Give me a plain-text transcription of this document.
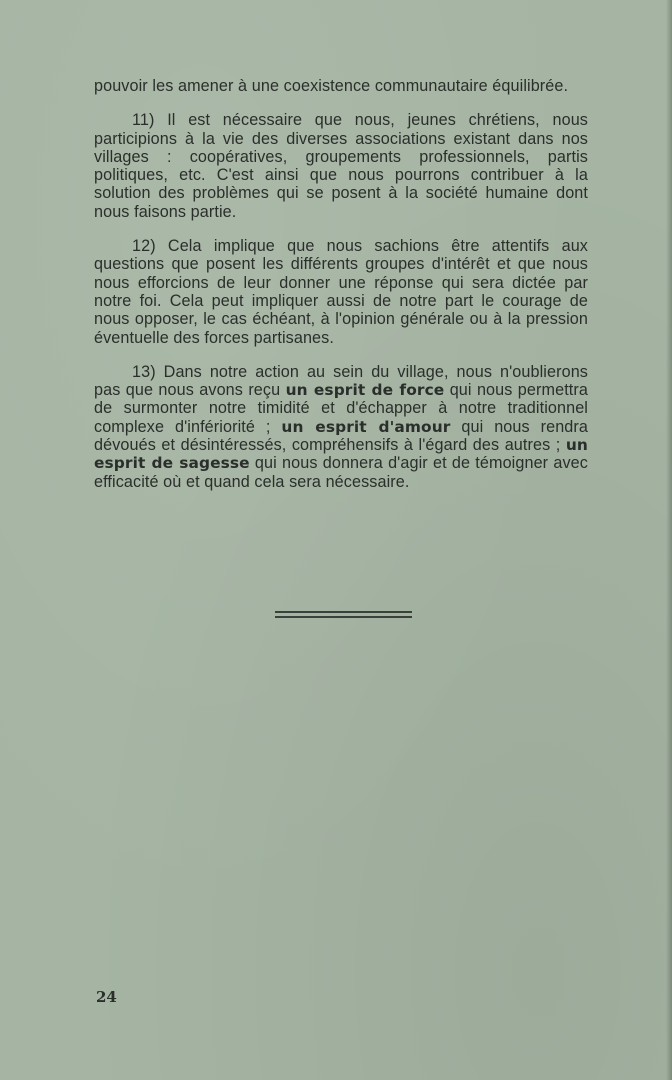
pouvoir les amener à une coexistence communautaire équilibrée.

11) Il est nécessaire que nous, jeunes chrétiens, nous participions à la vie des diverses associations existant dans nos villages : coopératives, groupements professionnels, partis politiques, etc. C'est ainsi que nous pourrons contribuer à la solution des problèmes qui se posent à la société humaine dont nous faisons partie.

12) Cela implique que nous sachions être attentifs aux questions que posent les différents groupes d'intérêt et que nous nous efforcions de leur donner une réponse qui sera dictée par notre foi. Cela peut impliquer aussi de notre part le courage de nous opposer, le cas échéant, à l'opinion générale ou à la pression éventuelle des forces partisanes.

13) Dans notre action au sein du village, nous n'oublierons pas que nous avons reçu un esprit de force qui nous permettra de surmonter notre timidité et d'échapper à notre traditionnel complexe d'infériorité ; un esprit d'amour qui nous rendra dévoués et désintéressés, compréhensifs à l'égard des autres ; un esprit de sagesse qui nous donnera d'agir et de témoigner avec efficacité où et quand cela sera nécessaire.

24
